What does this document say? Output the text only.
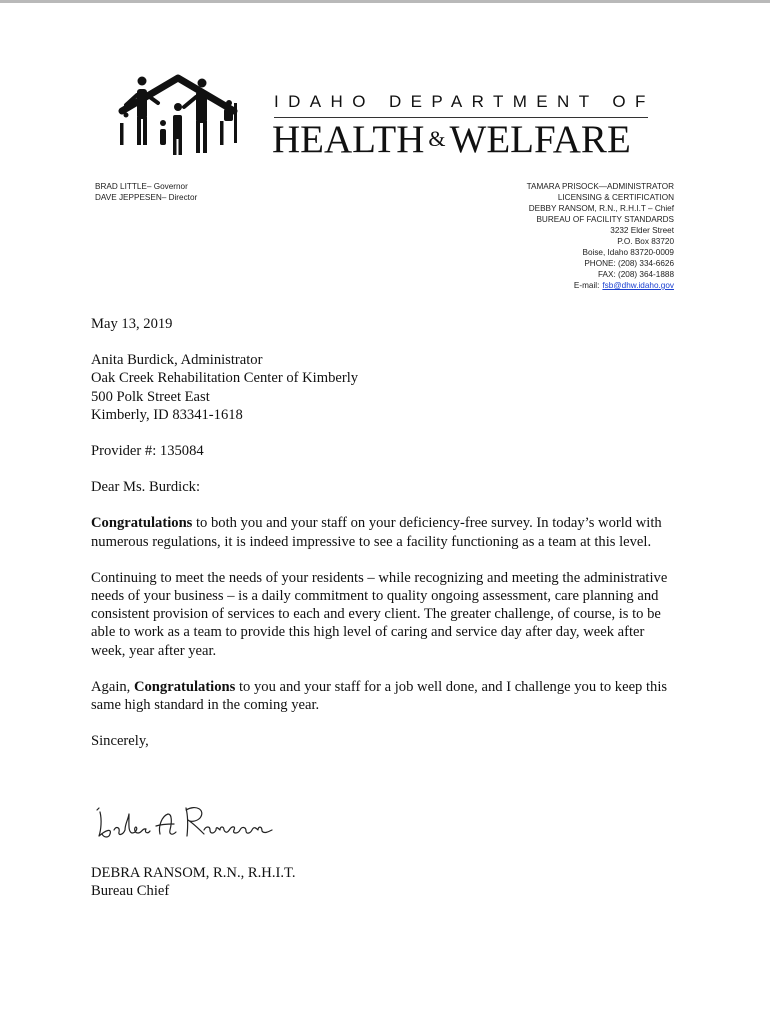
IDAHO DEPARTMENT OF
HEALTH & WELFARE
BRAD LITTLE– Governor
DAVE JEPPESEN– Director
TAMARA PRISOCK—ADMINISTRATOR
LICENSING & CERTIFICATION
DEBBY RANSOM, R.N., R.H.I.T – Chief
BUREAU OF FACILITY STANDARDS
3232 Elder Street
P.O. Box 83720
Boise, Idaho 83720-0009
PHONE: (208) 334-6626
FAX: (208) 364-1888
E-mail: fsb@dhw.idaho.gov

May 13, 2019

Anita Burdick, Administrator

Oak Creek Rehabilitation Center of Kimberly

500 Polk Street East

Kimberly, ID 83341-1618

Provider #: 135084

Dear Ms. Burdick:

Congratulations to both you and your staff on your deficiency-free survey. In today’s world with numerous regulations, it is indeed impressive to see a facility functioning as a team at this level.

Continuing to meet the needs of your residents – while recognizing and meeting the administrative needs of your business – is a daily commitment to quality ongoing assessment, care planning and consistent provision of services to each and every client. The greater challenge, of course, is to be able to work as a team to provide this high level of caring and service day after day, week after week, year after year.

Again, Congratulations to you and your staff for a job well done, and I challenge you to keep this same high standard in the coming year.

Sincerely,

DEBRA RANSOM, R.N., R.H.I.T.
Bureau Chief
